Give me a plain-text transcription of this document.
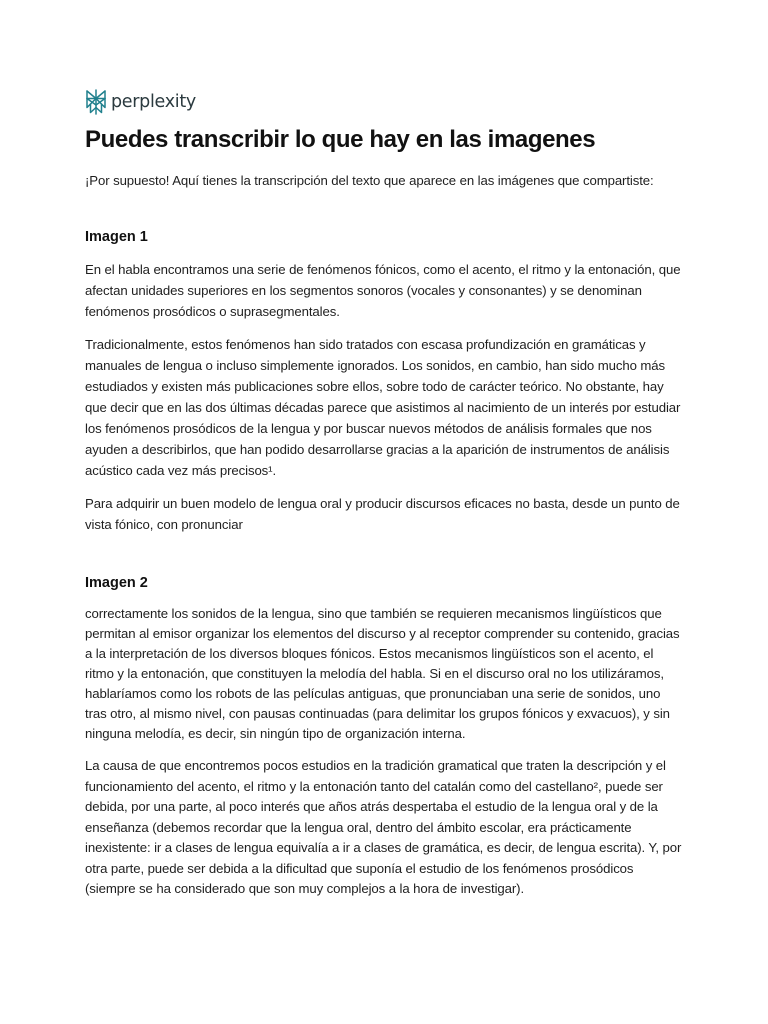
perplexity
Puedes transcribir lo que hay en las imagenes

¡Por supuesto! Aquí tienes la transcripción del texto que aparece en las imágenes que compartiste:

Imagen 1

En el habla encontramos una serie de fenómenos fónicos, como el acento, el ritmo y la entonación, que afectan unidades superiores en los segmentos sonoros (vocales y consonantes) y se denominan fenómenos prosódicos o suprasegmentales.

Tradicionalmente, estos fenómenos han sido tratados con escasa profundización en gramáticas y manuales de lengua o incluso simplemente ignorados. Los sonidos, en cambio, han sido mucho más estudiados y existen más publicaciones sobre ellos, sobre todo de carácter teórico. No obstante, hay que decir que en las dos últimas décadas parece que asistimos al nacimiento de un interés por estudiar los fenómenos prosódicos de la lengua y por buscar nuevos métodos de análisis formales que nos ayuden a describirlos, que han podido desarrollarse gracias a la aparición de instrumentos de análisis acústico cada vez más precisos¹.

Para adquirir un buen modelo de lengua oral y producir discursos eficaces no basta, desde un punto de vista fónico, con pronunciar

Imagen 2

correctamente los sonidos de la lengua, sino que también se requieren mecanismos lingüísticos que permitan al emisor organizar los elementos del discurso y al receptor comprender su contenido, gracias a la interpretación de los diversos bloques fónicos. Estos mecanismos lingüísticos son el acento, el ritmo y la entonación, que constituyen la melodía del habla. Si en el discurso oral no los utilizáramos, hablaríamos como los robots de las películas antiguas, que pronunciaban una serie de sonidos, uno tras otro, al mismo nivel, con pausas continuadas (para delimitar los grupos fónicos y exvacuos), y sin ninguna melodía, es decir, sin ningún tipo de organización interna.

La causa de que encontremos pocos estudios en la tradición gramatical que traten la descripción y el funcionamiento del acento, el ritmo y la entonación tanto del catalán como del castellano², puede ser debida, por una parte, al poco interés que años atrás despertaba el estudio de la lengua oral y de la enseñanza (debemos recordar que la lengua oral, dentro del ámbito escolar, era prácticamente inexistente: ir a clases de lengua equivalía a ir a clases de gramática, es decir, de lengua escrita). Y, por otra parte, puede ser debida a la dificultad que suponía el estudio de los fenómenos prosódicos (siempre se ha considerado que son muy complejos a la hora de investigar).
